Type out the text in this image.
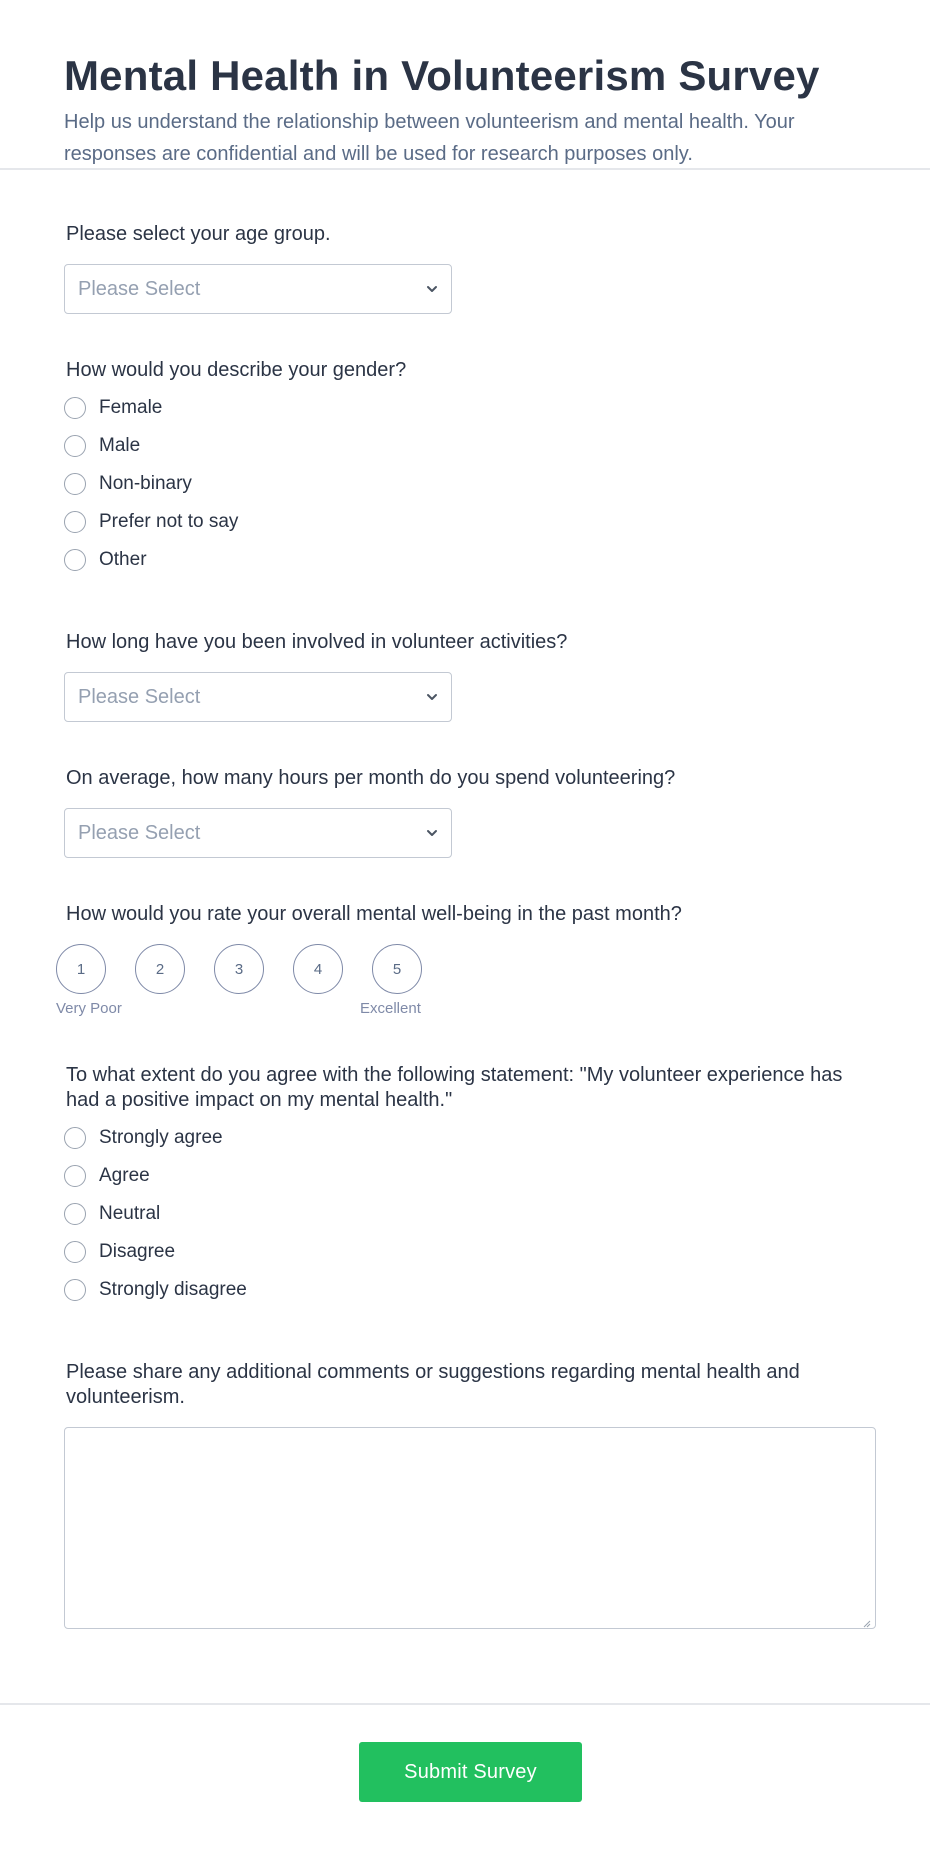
Mental Health in Volunteerism Survey
Help us understand the relationship between volunteerism and mental health. Your responses are confidential and will be used for research purposes only.
Please select your age group.
Please Select
How would you describe your gender?
Female
Male
Non-binary
Prefer not to say
Other
How long have you been involved in volunteer activities?
Please Select
On average, how many hours per month do you spend volunteering?
Please Select
How would you rate your overall mental well-being in the past month?
1	2	3	4	5
Very Poor	Excellent
To what extent do you agree with the following statement: "My volunteer experience has had a positive impact on my mental health."
Strongly agree
Agree
Neutral
Disagree
Strongly disagree
Please share any additional comments or suggestions regarding mental health and volunteerism.
Submit Survey
